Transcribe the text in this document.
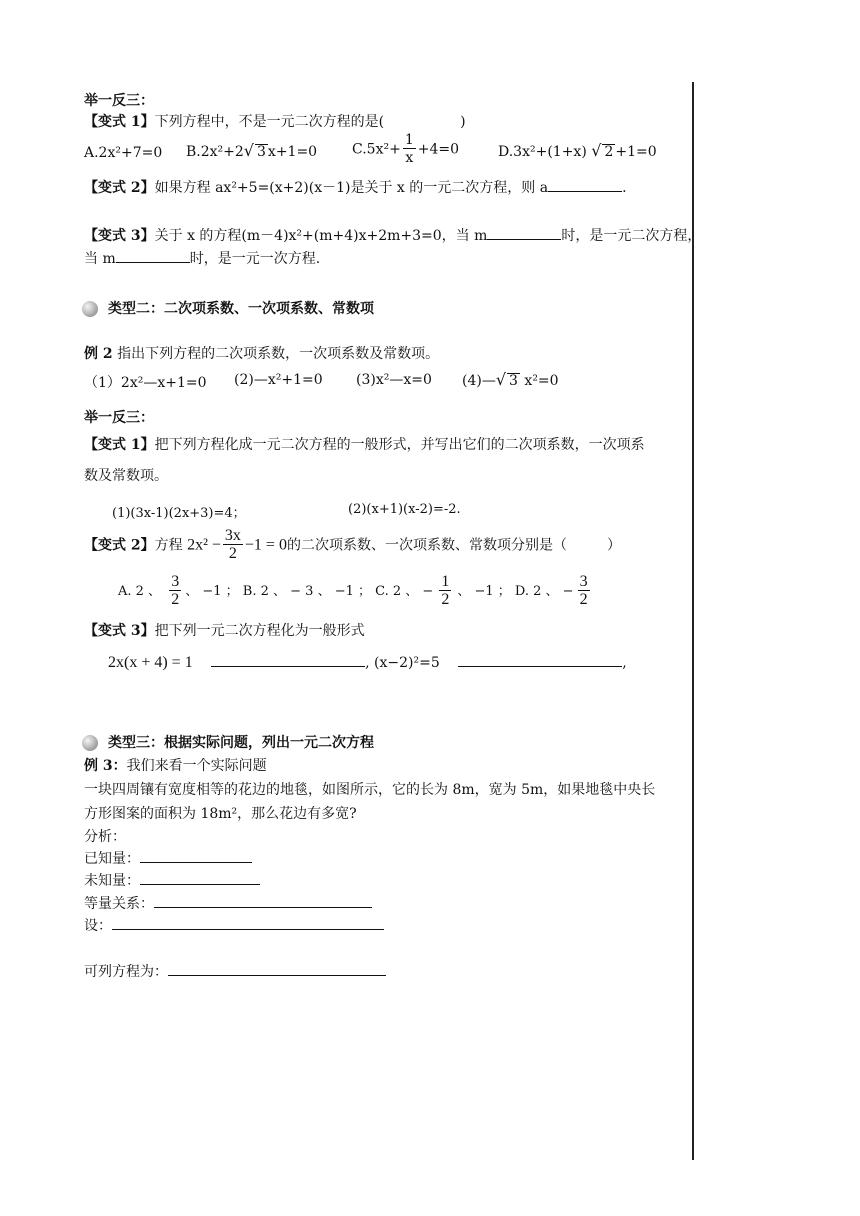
举一反三：
【变式 1】下列方程中，不是一元二次方程的是(	)
A.2x²+7=0 B.2x²+2√ 3 x+1=0 $C.5x^2+ \frac{1}{x} +4=0$	D.3x²+(1+x) √ 2 +1=0
【变式 2】如果方程 ax²+5=(x+2)(x－1)是关于 x 的一元二次方程，则 a	.
【变式 3】关于 x 的方程(m－4)x²+(m+4)x+2m+3=0，当 m	时，是一元二次方程，
当 m	时，是一元一次方程.
类型二：二次项系数、一次项系数、常数项
例 2 指出下列方程的二次项系数，一次项系数及常数项。
（1）2x²—x+1=0 (2)—x²+1=0 (3)x²—x=0 (4)—√ 3 x²=0
举一反三：
【变式 1】把下列方程化成一元二次方程的一般形式，并写出它们的二次项系数，一次项系
数及常数项。
(1)(3x-1)(2x+3)=4；	(2)(x+1)(x-2)=-2.
【变式 2】方程 $2x^2 - \frac{3x}{2} -1 = 0$的二次项系数、一次项系数、常数项分别是（	）
A. 2 、 $\frac{3}{2}$ 、 −1 ； B. 2 、 − 3 、 −1 ； C. 2 、 − $\frac{1}{2}$ 、 −1 ； D. 2 、 − $\frac{3}{2}$
【变式 3】把下列一元二次方程化为一般形式
2x(x + 4) = 1	, (x−2)²=5	,
类型三：根据实际问题，列出一元二次方程
例 3：我们来看一个实际问题
一块四周镶有宽度相等的花边的地毯，如图所示，它的长为 8m，宽为 5m，如果地毯中央长
方形图案的面积为 18m²，那么花边有多宽?
分析：
已知量：
未知量：
等量关系：
设：
可列方程为：
